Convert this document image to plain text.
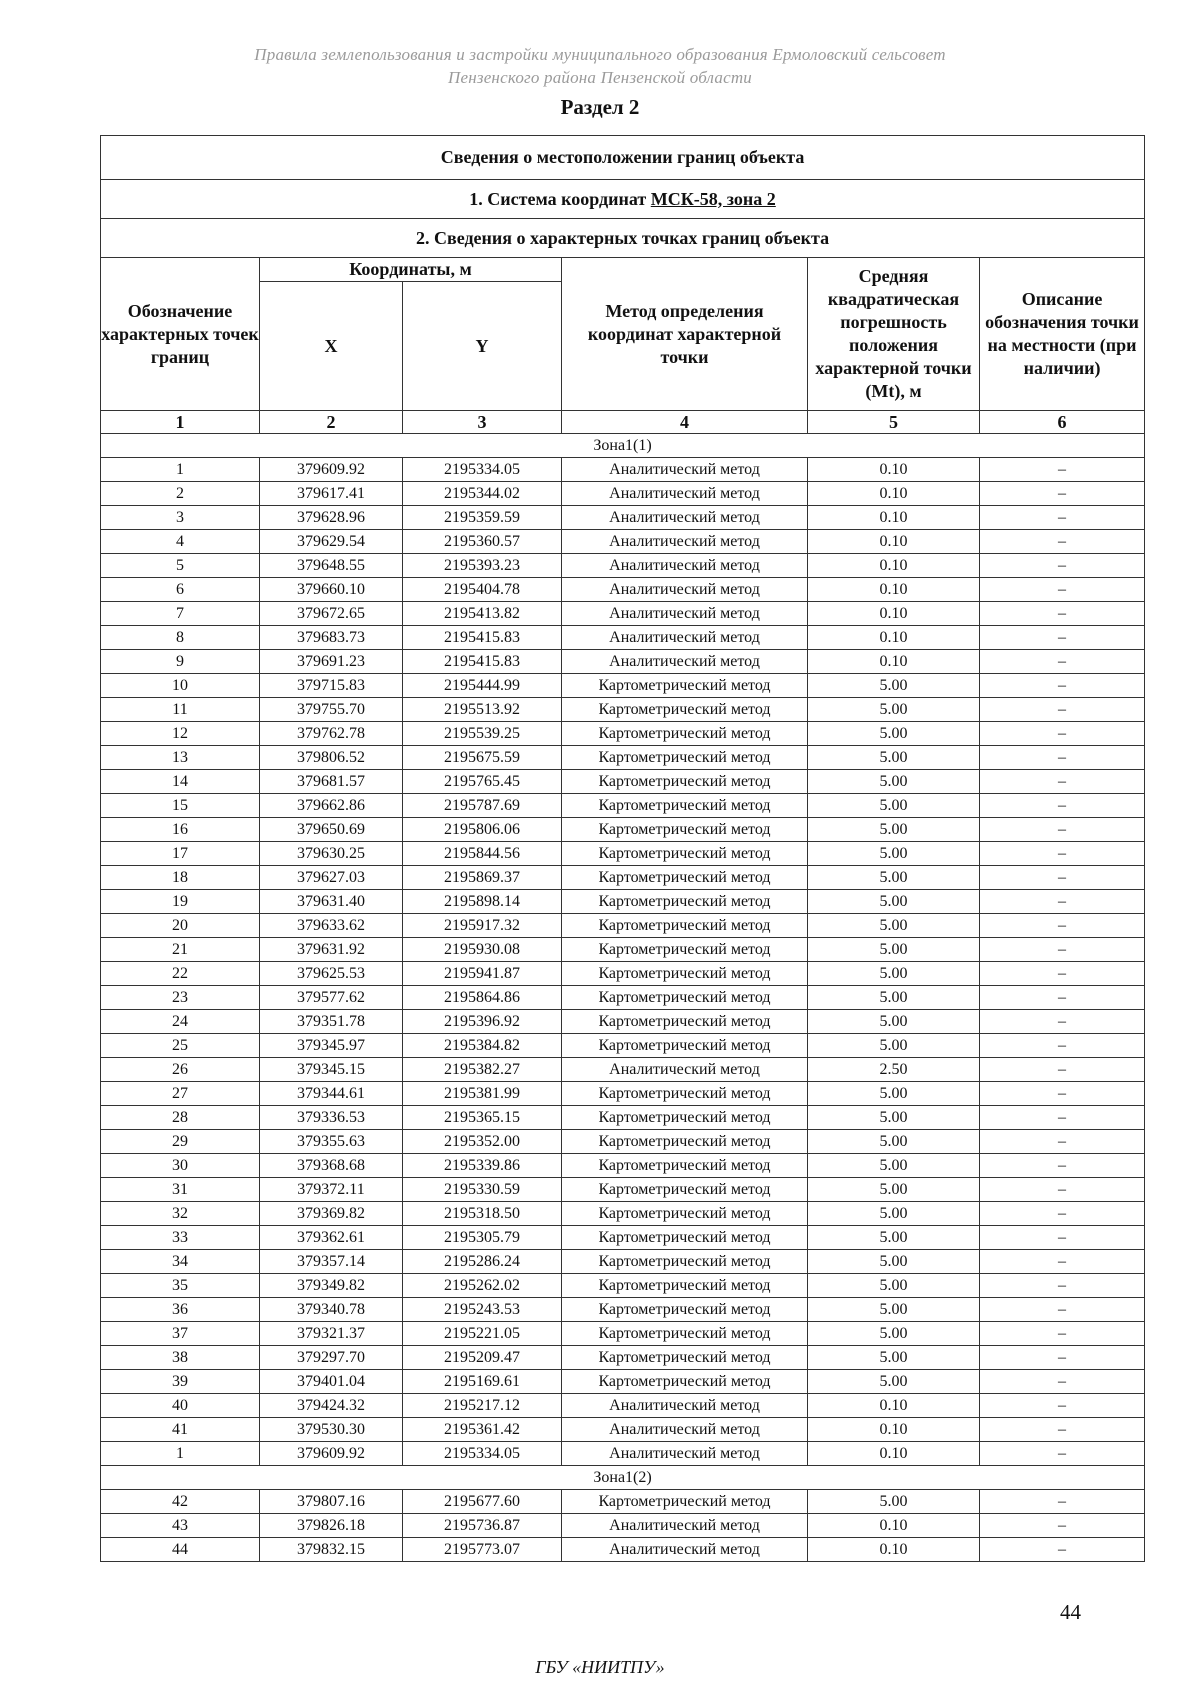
Правила землепользования и застройки муниципального образования Ермоловский сельсовет
Пензенского района Пензенской области
Раздел 2
Сведения о местоположении границ объекта					
1. Система координат МСК-58, зона 2					
2. Сведения о характерных точках границ объекта					
Обозначение характерных точек границ	Координаты, м		Метод определения координат характерной точки	Средняя квадратическая погрешность положения характерной точки (Mt), м	Описание обозначения точки на местности (при наличии)
	X	Y			
1	2	3	4	5	6
Зона1(1)					
1	379609.92	2195334.05	Аналитический метод	0.10	–
2	379617.41	2195344.02	Аналитический метод	0.10	–
3	379628.96	2195359.59	Аналитический метод	0.10	–
4	379629.54	2195360.57	Аналитический метод	0.10	–
5	379648.55	2195393.23	Аналитический метод	0.10	–
6	379660.10	2195404.78	Аналитический метод	0.10	–
7	379672.65	2195413.82	Аналитический метод	0.10	–
8	379683.73	2195415.83	Аналитический метод	0.10	–
9	379691.23	2195415.83	Аналитический метод	0.10	–
10	379715.83	2195444.99	Картометрический метод	5.00	–
11	379755.70	2195513.92	Картометрический метод	5.00	–
12	379762.78	2195539.25	Картометрический метод	5.00	–
13	379806.52	2195675.59	Картометрический метод	5.00	–
14	379681.57	2195765.45	Картометрический метод	5.00	–
15	379662.86	2195787.69	Картометрический метод	5.00	–
16	379650.69	2195806.06	Картометрический метод	5.00	–
17	379630.25	2195844.56	Картометрический метод	5.00	–
18	379627.03	2195869.37	Картометрический метод	5.00	–
19	379631.40	2195898.14	Картометрический метод	5.00	–
20	379633.62	2195917.32	Картометрический метод	5.00	–
21	379631.92	2195930.08	Картометрический метод	5.00	–
22	379625.53	2195941.87	Картометрический метод	5.00	–
23	379577.62	2195864.86	Картометрический метод	5.00	–
24	379351.78	2195396.92	Картометрический метод	5.00	–
25	379345.97	2195384.82	Картометрический метод	5.00	–
26	379345.15	2195382.27	Аналитический метод	2.50	–
27	379344.61	2195381.99	Картометрический метод	5.00	–
28	379336.53	2195365.15	Картометрический метод	5.00	–
29	379355.63	2195352.00	Картометрический метод	5.00	–
30	379368.68	2195339.86	Картометрический метод	5.00	–
31	379372.11	2195330.59	Картометрический метод	5.00	–
32	379369.82	2195318.50	Картометрический метод	5.00	–
33	379362.61	2195305.79	Картометрический метод	5.00	–
34	379357.14	2195286.24	Картометрический метод	5.00	–
35	379349.82	2195262.02	Картометрический метод	5.00	–
36	379340.78	2195243.53	Картометрический метод	5.00	–
37	379321.37	2195221.05	Картометрический метод	5.00	–
38	379297.70	2195209.47	Картометрический метод	5.00	–
39	379401.04	2195169.61	Картометрический метод	5.00	–
40	379424.32	2195217.12	Аналитический метод	0.10	–
41	379530.30	2195361.42	Аналитический метод	0.10	–
1	379609.92	2195334.05	Аналитический метод	0.10	–
Зона1(2)					
42	379807.16	2195677.60	Картометрический метод	5.00	–
43	379826.18	2195736.87	Аналитический метод	0.10	–
44	379832.15	2195773.07	Аналитический метод	0.10	–
44
ГБУ «НИИТПУ»
